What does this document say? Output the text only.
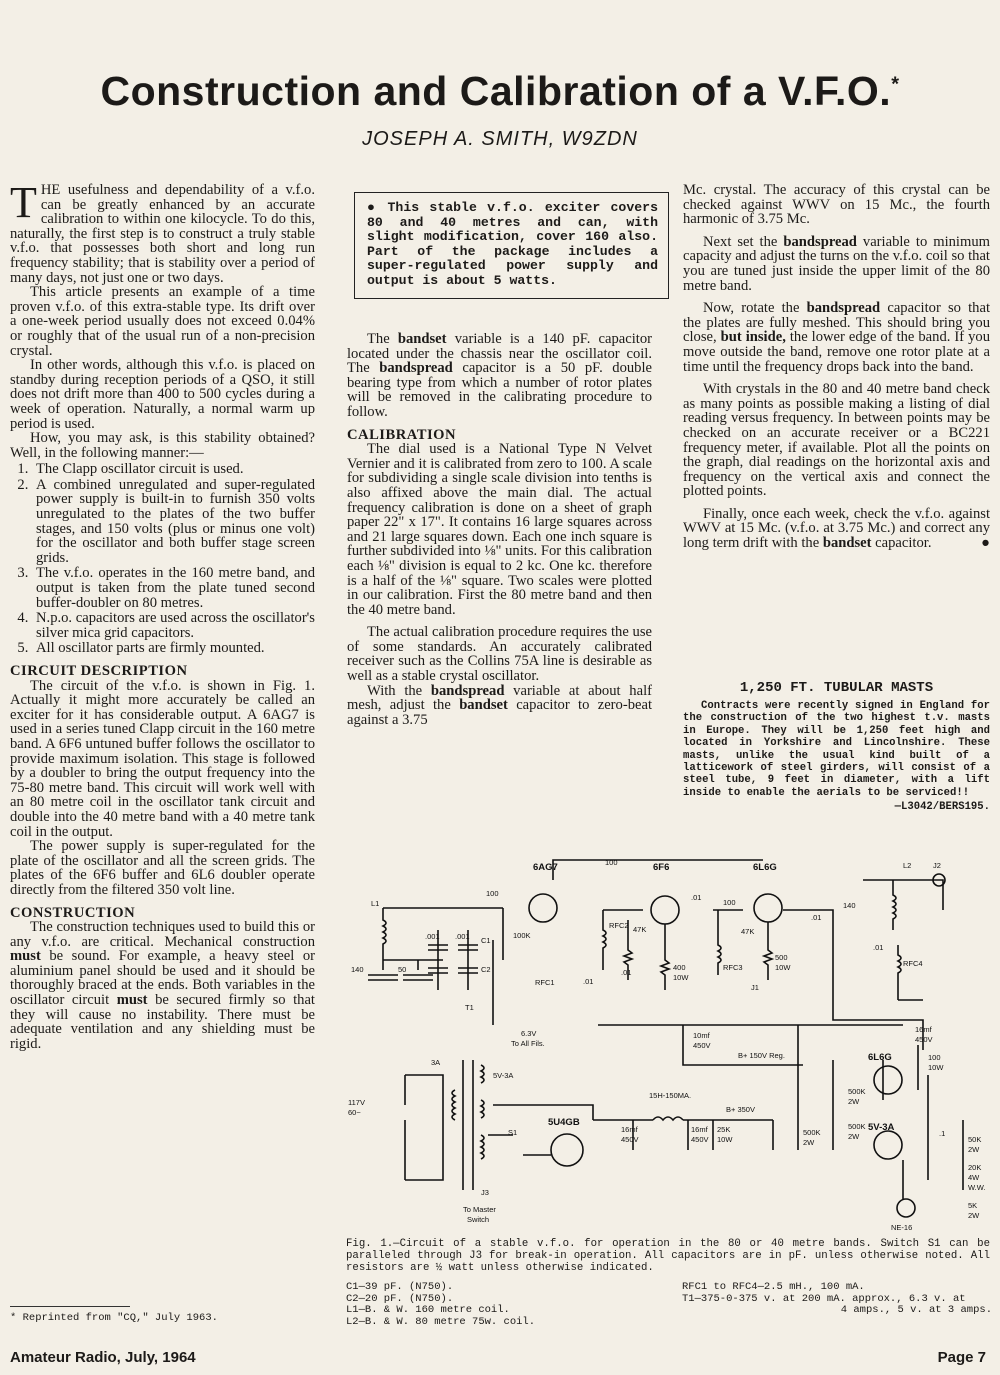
Construction and Calibration of a V.F.O.*
JOSEPH A. SMITH, W9ZDN

THE usefulness and dependability of a v.f.o. can be greatly enhanced by an accurate calibration to within one kilocycle. To do this, naturally, the first step is to construct a truly stable v.f.o. that possesses both short and long run frequency stability; that is stability over a period of many days, not just one or two days.

This article presents an example of a time proven v.f.o. of this extra-stable type. Its drift over a one-week period usually does not exceed 0.04% or roughly that of the usual run of a non-precision crystal.

In other words, although this v.f.o. is placed on standby during reception periods of a QSO, it still does not drift more than 400 to 500 cycles during a week of operation. Naturally, a normal warm up period is used.

How, you may ask, is this stability obtained? Well, in the following manner:—

1. The Clapp oscillator circuit is used.
2. A combined unregulated and super-regulated power supply is built-in to furnish 350 volts unregulated to the plates of the two buffer stages, and 150 volts (plus or minus one volt) for the oscillator and both buffer stage screen grids.
3. The v.f.o. operates in the 160 metre band, and output is taken from the plate tuned second buffer-doubler on 80 metres.
4. N.p.o. capacitors are used across the oscillator's silver mica grid capacitors.
5. All oscillator parts are firmly mounted.
CIRCUIT DESCRIPTION

The circuit of the v.f.o. is shown in Fig. 1. Actually it might more accurately be called an exciter for it has considerable output. A 6AG7 is used in a series tuned Clapp circuit in the 160 metre band. A 6F6 untuned buffer follows the oscillator to provide maximum isolation. This stage is followed by a doubler to bring the output frequency into the 75-80 metre band. This circuit will work well with an 80 metre coil in the oscillator tank circuit and double into the 40 metre band with a 40 metre tank coil in the output.

The power supply is super-regulated for the plate of the oscillator and all the screen grids. The plates of the 6F6 buffer and 6L6 doubler operate directly from the filtered 350 volt line.

CONSTRUCTION

The construction techniques used to build this or any v.f.o. are critical. Mechanical construction must be sound. For example, a heavy steel or aluminium panel should be used and it should be thoroughly braced at the ends. Both variables in the oscillator circuit must be secured firmly so that they will cause no instability. There must be adequate ventilation and any shielding must be rigid.

* Reprinted from "CQ," July 1963.
● This stable v.f.o. exciter covers 80 and 40 metres and can, with slight modification, cover 160 also. Part of the package includes a super-regulated power supply and output is about 5 watts.

The bandset variable is a 140 pF. capacitor located under the chassis near the oscillator coil. The bandspread capacitor is a 50 pF. double bearing type from which a number of rotor plates will be removed in the calibrating procedure to follow.

CALIBRATION

The dial used is a National Type N Velvet Vernier and it is calibrated from zero to 100. A scale for subdividing a single scale division into tenths is also affixed above the main dial. The actual frequency calibration is done on a sheet of graph paper 22" x 17". It contains 16 large squares across and 21 large squares down. Each one inch square is further subdivided into ⅛" units. For this calibration each ⅛" division is equal to 2 kc. One kc. therefore is a half of the ⅛" square. Two scales were plotted in our calibration. First the 80 metre band and then the 40 metre band.

The actual calibration procedure requires the use of some standards. An accurately calibrated receiver such as the Collins 75A line is desirable as well as a stable crystal oscillator.

With the bandspread variable at about half mesh, adjust the bandset capacitor to zero-beat against a 3.75

Mc. crystal. The accuracy of this crystal can be checked against WWV on 15 Mc., the fourth harmonic of 3.75 Mc.

Next set the bandspread variable to minimum capacity and adjust the turns on the v.f.o. coil so that you are tuned just inside the upper limit of the 80 metre band.

Now, rotate the bandspread capacitor so that the plates are fully meshed. This should bring you close, but inside, the lower edge of the band. If you move outside the band, remove one rotor plate at a time until the frequency drops back into the band.

With crystals in the 80 and 40 metre band check as many points as possible making a listing of dial reading versus frequency. In between points may be checked on an accurate receiver or a BC221 frequency meter, if available. Plot all the points on the graph, dial readings on the horizontal axis and frequency on the vertical axis and connect the plotted points.

Finally, once each week, check the v.f.o. against WWV at 15 Mc. (v.f.o. at 3.75 Mc.) and correct any long term drift with the bandset capacitor.	●

1,250 FT. TUBULAR MASTS
Contracts were recently signed in England for the construction of the two highest t.v. masts in Europe. They will be 1,250 feet high and located in Yorkshire and Lincolnshire. These masts, unlike the usual kind built of a latticework of steel girders, will consist of a steel tube, 9 feet in diameter, with a lift inside to enable the aerials to be serviced!!
—L3042/BERS195.
6AG7	6F6	6L6G
6L6G
5V-3A
5U4GB
L1
L2
C1
C2
RFC1
RFC2
RFC3	RFC4
140	50
140
100
100
100
.001 .001
.01
.01
.01
.01
.01
100K
47K	47K
400
10W
500
10W
16mf
450V
10mf
450V
B+ 150V Reg.
B+ 350V
6.3V
To All Fils.
5V-3A
3A
117V
60~
T1
15H-150MA.
16mf
450V
16mf
450V
25K
10W
500K
2W
500K
2W
500K
2W
100
10W
50K
2W
20K
4W
W.W.
5K
2W
NE-16
.1
S1
J1
J2
J3
To Master
Switch
Fig. 1.—Circuit of a stable v.f.o. for operation in the 80 or 40 metre bands. Switch S1 can be paralleled through J3 for break-in operation. All capacitors are in pF. unless otherwise noted. All resistors are ½ watt unless otherwise indicated.
C1—39 pF. (N750).
C2—20 pF. (N750).
L1—B. & W. 160 metre coil.
L2—B. & W. 80 metre 75w. coil.
RFC1 to RFC4—2.5 mH., 100 mA.
T1—375-0-375 v. at 200 mA. approx., 6.3 v. at
4 amps., 5 v. at 3 amps.
Amateur Radio, July, 1964	Page 7
